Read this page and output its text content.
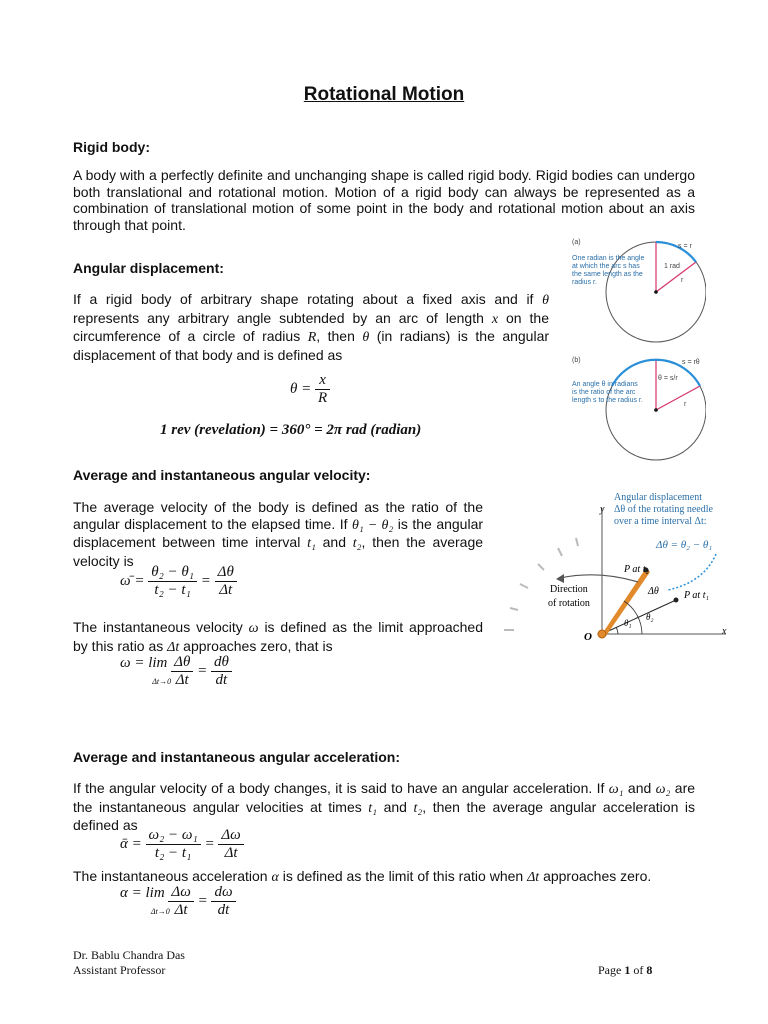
Rotational Motion
Rigid body:
A body with a perfectly definite and unchanging shape is called rigid body. Rigid bodies can undergo both translational and rotational motion. Motion of a rigid body can always be represented as a combination of translational motion of some point in the body and rotational motion about an axis through that point.
Angular displacement:
If a rigid body of arbitrary shape rotating about a fixed axis and if θ represents any arbitrary angle subtended by an arc of length x on the circumference of a circle of radius R, then θ (in radians) is the angular displacement of that body and is defined as
$\theta = \frac{x}{R}$
1 rev (revelation) = 360° = 2π rad (radian)
Average and instantaneous angular velocity:
The average velocity of the body is defined as the ratio of the angular displacement to the elapsed time. If θ₁ − θ₂ is the angular displacement between time interval t₁ and t₂, then the average velocity is
ω̄ = $\frac{\text{θ₂ − θ₁}}{\text{t₂ − t₁}} = \frac{\Delta\theta}{\Delta t}$
The instantaneous velocity ω is defined as the limit approached by this ratio as Δt approaches zero, that is
ω = lim
$\Delta t\to 0 \frac{\Delta\theta}{\Delta t} = \frac{d\theta}{dt}$
Average and instantaneous angular acceleration:
If the angular velocity of a body changes, it is said to have an angular acceleration. If ω₁ and ω₂ are the instantaneous angular velocities at times t₁ and t₂, then the average angular acceleration is defined as
ᾱ = $\frac{\text{ω₂ − ω₁}}{\text{t₂ − t₁}} = \frac{\Delta\omega}{\Delta t}$
The instantaneous acceleration α is defined as the limit of this ratio when Δt approaches zero.
α = lim
Δt→0
$\frac{\Delta\omega}{\Delta t} = \frac{d\omega}{dt}$
(a)
s = r
1 rad
r
One radian is the angle
at which the arc s has
the same length as the
radius r.
(b)	s = rθ
θ = s/r
r
An angle θ in radians
is the ratio of the arc
length s to the radius r.
Angular displacement
Δθ of the rotating needle
over a time interval Δt:
Δθ = θ₂ − θ₁
y
x
O
P at t₂
P at t₁
Δθ
θ₁
θ₂
Direction
of rotation
Dr. Bablu Chandra Das
Assistant Professor	Page 1 of 8
